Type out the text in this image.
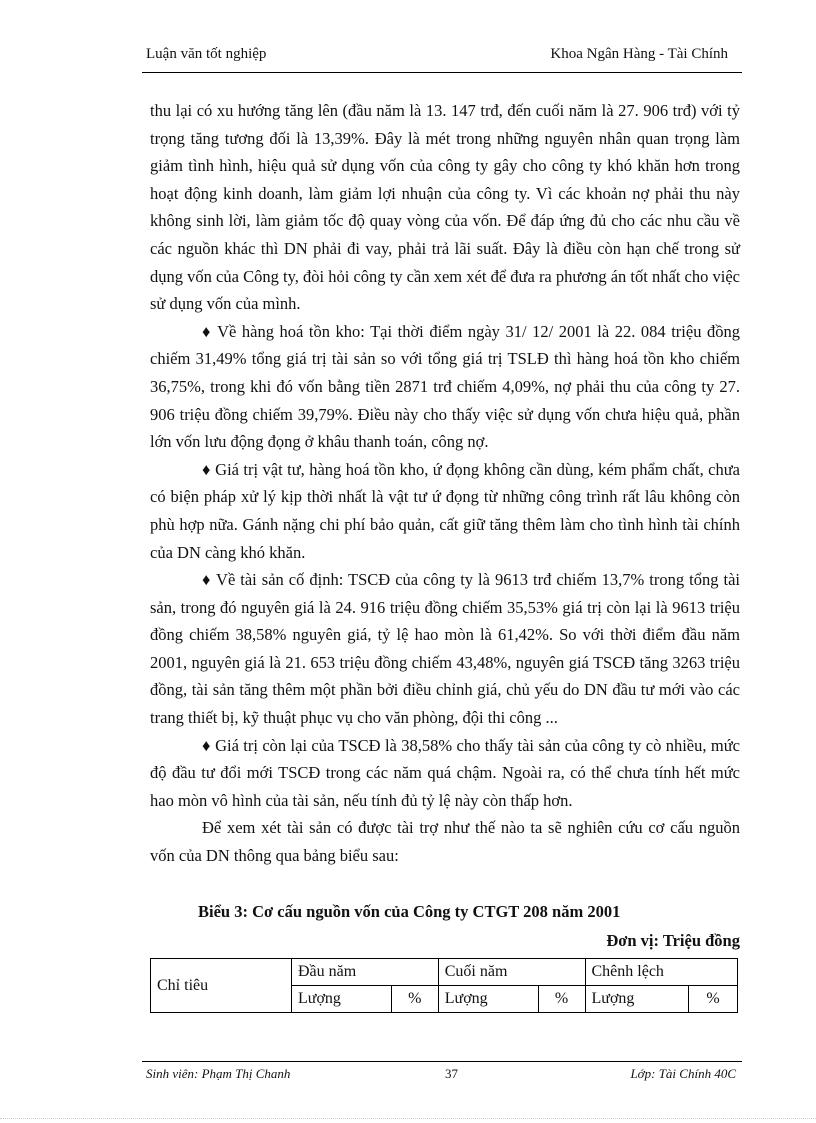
Luận văn tốt nghiệp	Khoa Ngân Hàng - Tài Chính

thu lại có xu hướng tăng lên (đầu năm là 13. 147 trđ, đến cuối năm là 27. 906 trđ) với tỷ trọng tăng tương đối là 13,39%. Đây là mét trong những nguyên nhân quan trọng làm giảm tình hình, hiệu quả sử dụng vốn của công ty gây cho công ty khó khăn hơn trong hoạt động kinh doanh, làm giảm lợi nhuận của công ty. Vì các khoản nợ phải thu này không sinh lời, làm giảm tốc độ quay vòng của vốn. Để đáp ứng đủ cho các nhu cầu về các nguồn khác thì DN phải đi vay, phải trả lãi suất. Đây là điều còn hạn chế trong sử dụng vốn của Công ty, đòi hỏi công ty cần xem xét để đưa ra phương án tốt nhất cho việc sử dụng vốn của mình.

♦ Về hàng hoá tồn kho: Tại thời điểm ngày 31/ 12/ 2001 là 22. 084 triệu đồng chiếm 31,49% tổng giá trị tài sản so với tổng giá trị TSLĐ thì hàng hoá tồn kho chiếm 36,75%, trong khi đó vốn bằng tiền 2871 trđ chiếm 4,09%, nợ phải thu của công ty 27. 906 triệu đồng chiếm 39,79%. Điều này cho thấy việc sử dụng vốn chưa hiệu quả, phần lớn vốn lưu động đọng ở khâu thanh toán, công nợ.

♦ Giá trị vật tư, hàng hoá tồn kho, ứ đọng không cần dùng, kém phẩm chất, chưa có biện pháp xử lý kịp thời nhất là vật tư ứ đọng từ những công trình rất lâu không còn phù hợp nữa. Gánh nặng chi phí bảo quản, cất giữ tăng thêm làm cho tình hình tài chính của DN càng khó khăn.

♦ Về tài sản cố định: TSCĐ của công ty là 9613 trđ chiếm 13,7% trong tổng tài sản, trong đó nguyên giá là 24. 916 triệu đồng chiếm 35,53% giá trị còn lại là 9613 triệu đồng chiếm 38,58% nguyên giá, tỷ lệ hao mòn là 61,42%. So với thời điểm đầu năm 2001, nguyên giá là 21. 653 triệu đồng chiếm 43,48%, nguyên giá TSCĐ tăng 3263 triệu đồng, tài sản tăng thêm một phần bởi điều chỉnh giá, chủ yếu do DN đầu tư mới vào các trang thiết bị, kỹ thuật phục vụ cho văn phòng, đội thi công ...

♦ Giá trị còn lại của TSCĐ là 38,58% cho thấy tài sản của công ty cò nhiều, mức độ đầu tư đổi mới TSCĐ trong các năm quá chậm. Ngoài ra, có thể chưa tính hết mức hao mòn vô hình của tài sản, nếu tính đủ tỷ lệ này còn thấp hơn.

Để xem xét tài sản có được tài trợ như thế nào ta sẽ nghiên cứu cơ cấu nguồn vốn của DN thông qua bảng biểu sau:

Biểu 3: Cơ cấu nguồn vốn của Công ty CTGT 208 năm 2001
Đơn vị: Triệu đồng
Chỉ tiêu	Đầu năm		Cuối năm		Chênh lệch	
	Lượng	%	Lượng	%	Lượng	%
Sinh viên: Phạm Thị Chanh	37	Lớp: Tài Chính 40C
